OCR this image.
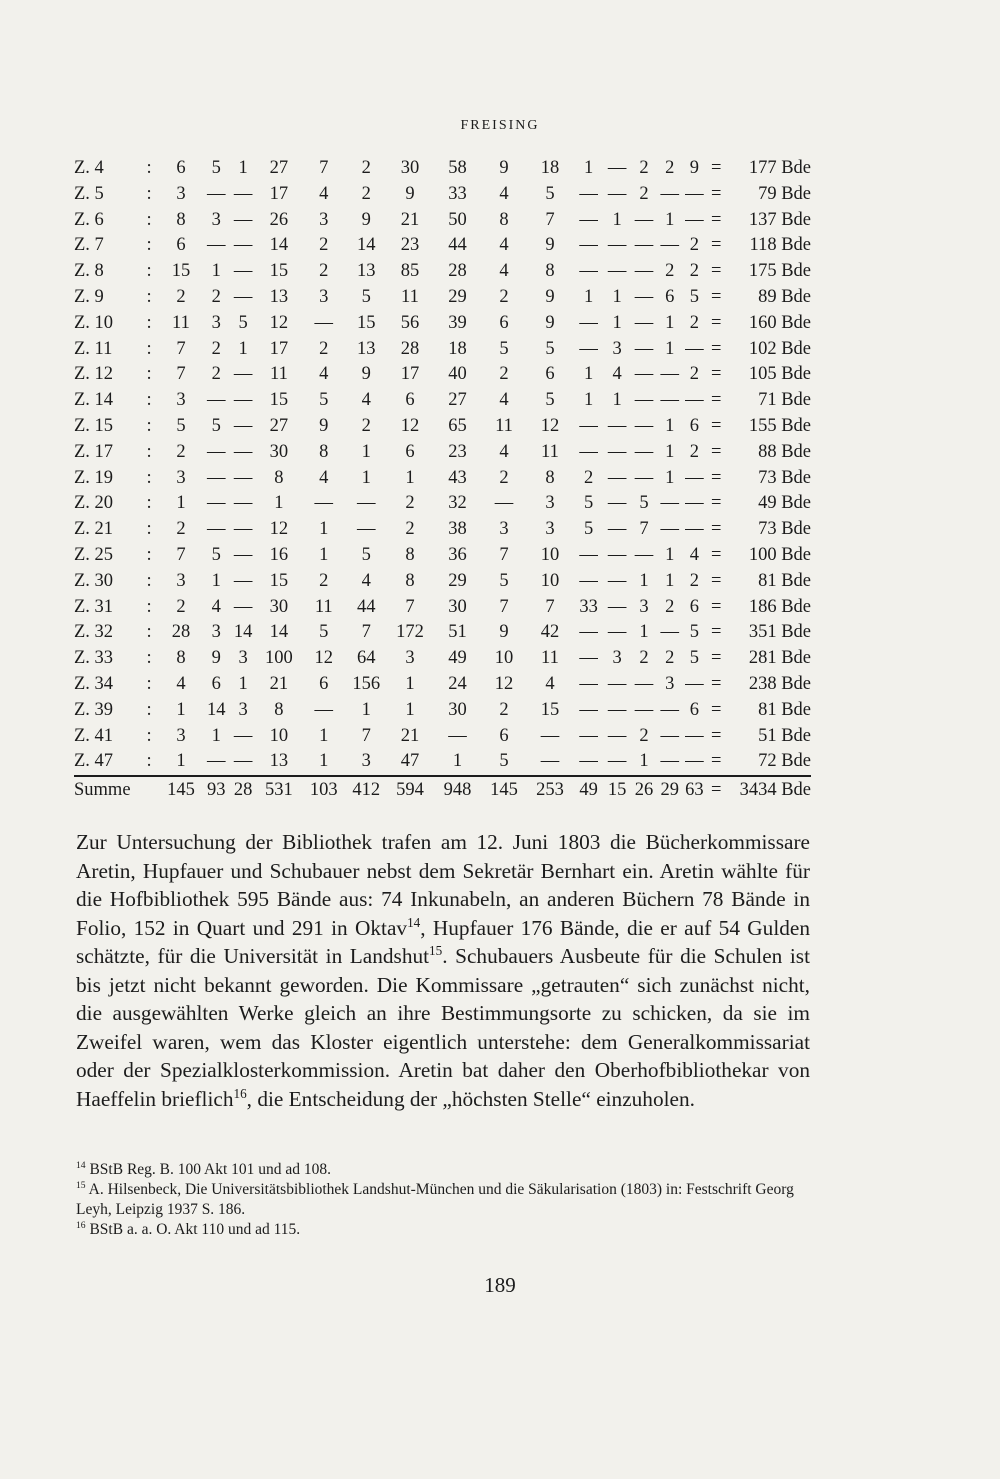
FREISING
Z. 4	:	6	5	1	27	7	2	30	58	9	18	1	—	2	2	9	=	177 Bde
Z. 5	:	3	—	—	17	4	2	9	33	4	5	—	—	2	—	—	=	79 Bde
Z. 6	:	8	3	—	26	3	9	21	50	8	7	—	1	—	1	—	=	137 Bde
Z. 7	:	6	—	—	14	2	14	23	44	4	9	—	—	—	—	2	=	118 Bde
Z. 8	:	15	1	—	15	2	13	85	28	4	8	—	—	—	2	2	=	175 Bde
Z. 9	:	2	2	—	13	3	5	11	29	2	9	1	1	—	6	5	=	89 Bde
Z. 10	:	11	3	5	12	—	15	56	39	6	9	—	1	—	1	2	=	160 Bde
Z. 11	:	7	2	1	17	2	13	28	18	5	5	—	3	—	1	—	=	102 Bde
Z. 12	:	7	2	—	11	4	9	17	40	2	6	1	4	—	—	2	=	105 Bde
Z. 14	:	3	—	—	15	5	4	6	27	4	5	1	1	—	—	—	=	71 Bde
Z. 15	:	5	5	—	27	9	2	12	65	11	12	—	—	—	1	6	=	155 Bde
Z. 17	:	2	—	—	30	8	1	6	23	4	11	—	—	—	1	2	=	88 Bde
Z. 19	:	3	—	—	8	4	1	1	43	2	8	2	—	—	1	—	=	73 Bde
Z. 20	:	1	—	—	1	—	—	2	32	—	3	5	—	5	—	—	=	49 Bde
Z. 21	:	2	—	—	12	1	—	2	38	3	3	5	—	7	—	—	=	73 Bde
Z. 25	:	7	5	—	16	1	5	8	36	7	10	—	—	—	1	4	=	100 Bde
Z. 30	:	3	1	—	15	2	4	8	29	5	10	—	—	1	1	2	=	81 Bde
Z. 31	:	2	4	—	30	11	44	7	30	7	7	33	—	3	2	6	=	186 Bde
Z. 32	:	28	3	14	14	5	7	172	51	9	42	—	—	1	—	5	=	351 Bde
Z. 33	:	8	9	3	100	12	64	3	49	10	11	—	3	2	2	5	=	281 Bde
Z. 34	:	4	6	1	21	6	156	1	24	12	4	—	—	—	3	—	=	238 Bde
Z. 39	:	1	14	3	8	—	1	1	30	2	15	—	—	—	—	6	=	81 Bde
Z. 41	:	3	1	—	10	1	7	21	—	6	—	—	—	2	—	—	=	51 Bde
Z. 47	:	1	—	—	13	1	3	47	1	5	—	—	—	1	—	—	=	72 Bde
Summe		145	93	28	531	103	412	594	948	145	253	49	15	26	29	63	=	3434 Bde

Zur Untersuchung der Bibliothek trafen am 12. Juni 1803 die Bücherkommissare Aretin, Hupfauer und Schubauer nebst dem Sekretär Bernhart ein. Aretin wählte für die Hofbibliothek 595 Bände aus: 74 Inkunabeln, an anderen Büchern 78 Bände in Folio, 152 in Quart und 291 in Oktav$^{14}$, Hupfauer 176 Bände, die er auf 54 Gulden schätzte, für die Universität in Landshut$^{15}$. Schubauers Ausbeute für die Schulen ist bis jetzt nicht bekannt geworden. Die Kommissare „getrauten“ sich zunächst nicht, die ausgewählten Werke gleich an ihre Bestimmungsorte zu schicken, da sie im Zweifel waren, wem das Kloster eigentlich unterstehe: dem Generalkommissariat oder der Spezialklosterkommission. Aretin bat daher den Oberhofbibliothekar von Haeffelin brieflich$^{16}$, die Entscheidung der „höchsten Stelle“ einzuholen.

$^{14}$ BStB Reg. B. 100 Akt 101 und ad 108.

$^{15}$ A. Hilsenbeck, Die Universitätsbibliothek Landshut-München und die Säkularisation (1803) in: Festschrift Georg Leyh, Leipzig 1937 S. 186.

$^{16}$ BStB a. a. O. Akt 110 und ad 115.

189
